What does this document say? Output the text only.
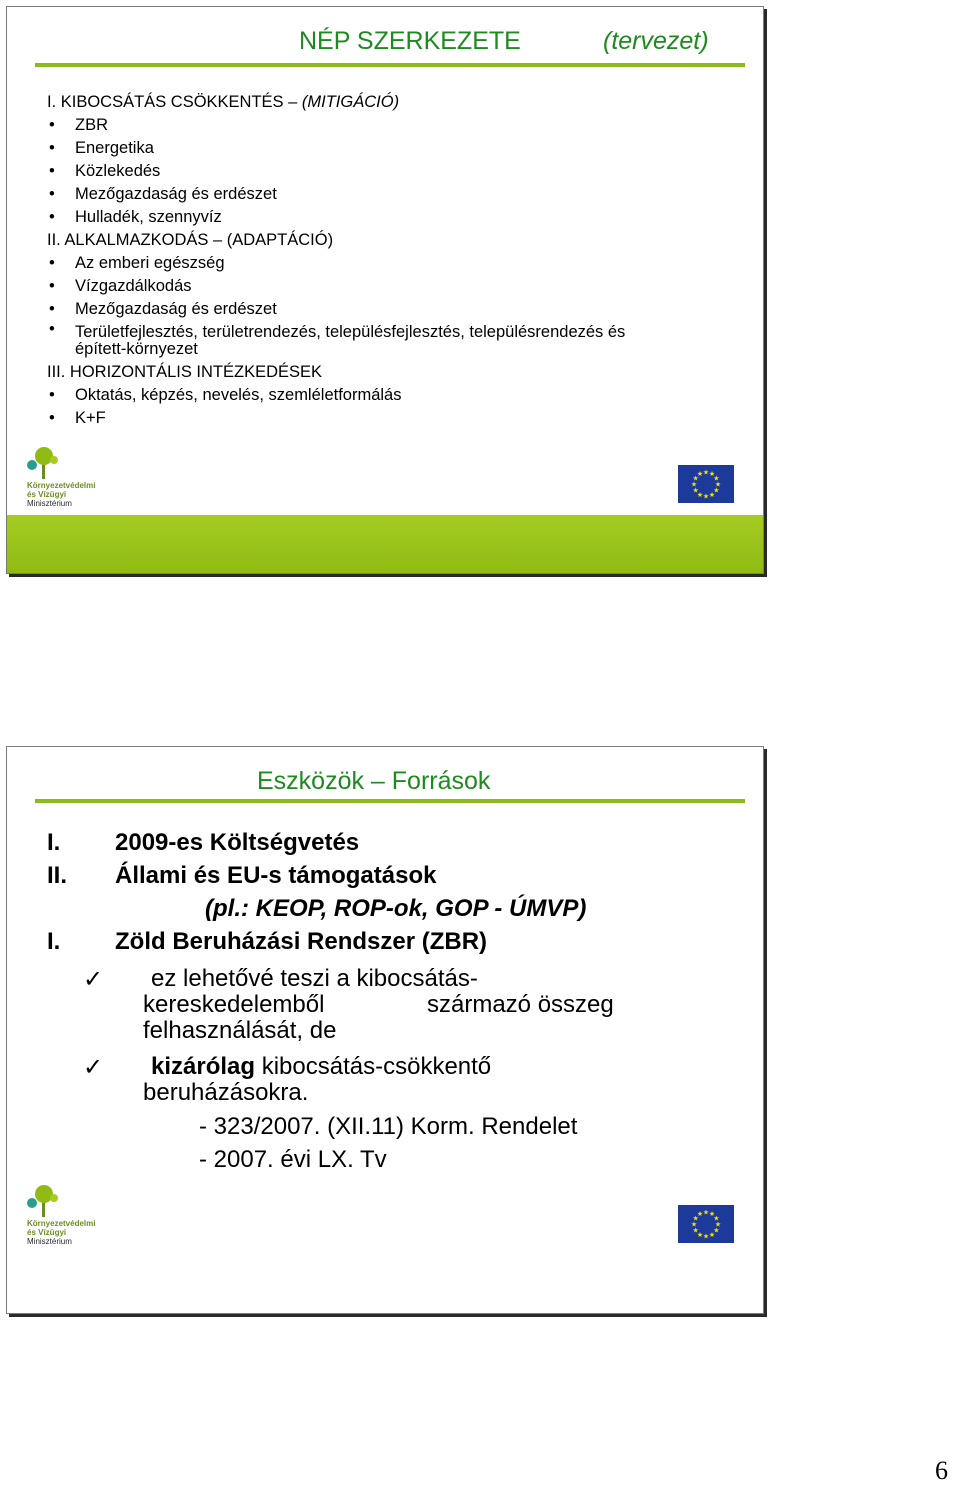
NÉP SZERKEZETE	(tervezet)
I. KIBOCSÁTÁS CSÖKKENTÉS – (MITIGÁCIÓ)
• ZBR
• Energetika
• Közlekedés
• Mezőgazdaság és erdészet
• Hulladék, szennyvíz
II. ALKALMAZKODÁS – (ADAPTÁCIÓ)
• Az emberi egészség
• Vízgazdálkodás
• Mezőgazdaság és erdészet
• Területfejlesztés, területrendezés, településfejlesztés, településrendezés és
épített-környezet
III. HORIZONTÁLIS INTÉZKEDÉSEK
• Oktatás, képzés, nevelés, szemléletformálás
• K+F
Környezetvédelmi
és Vízügyi
Minisztérium
★ ★
★
★
★
★
★
★
★
★
★
★
Eszközök – Források
I. 2009-es Költségvetés
II. Állami és EU-s támogatások
(pl.: KEOP, ROP-ok, GOP - ÚMVP)
I. Zöld Beruházási Rendszer (ZBR)
✓ ez lehetővé teszi a kibocsátás-
kereskedelemből	származó összeg
felhasználását, de
✓ kizárólag kibocsátás-csökkentő
beruházásokra.
- 323/2007. (XII.11) Korm. Rendelet
- 2007. évi LX. Tv
Környezetvédelmi
és Vízügyi
Minisztérium
★ ★
★
★
★
★
★
★
★
★
★
★
6
